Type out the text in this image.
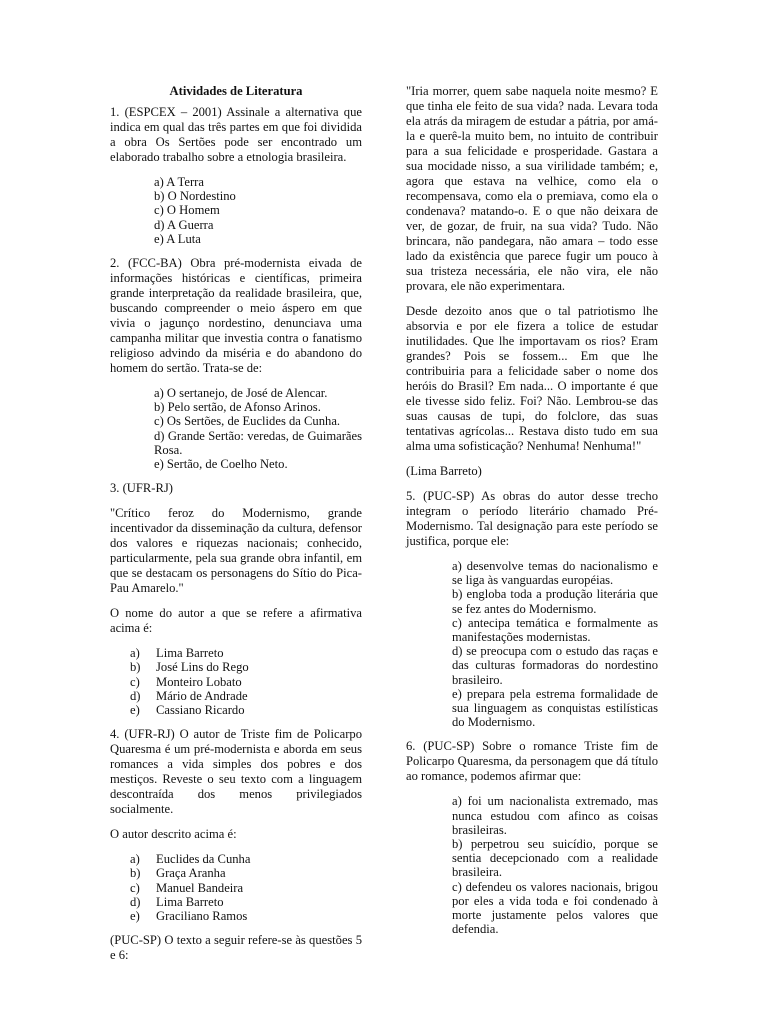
Atividades de Literatura

1. (ESPCEX – 2001) Assinale a alternativa que indica em qual das três partes em que foi dividida a obra Os Sertões pode ser encontrado um elaborado trabalho sobre a etnologia brasileira.

a) A Terra
b) O Nordestino
c) O Homem
d) A Guerra
e) A Luta

2. (FCC-BA) Obra pré-modernista eivada de informações históricas e científicas, primeira grande interpretação da realidade brasileira, que, buscando compreender o meio áspero em que vivia o jagunço nordestino, denunciava uma campanha militar que investia contra o fanatismo religioso advindo da miséria e do abandono do homem do sertão. Trata-se de:

a) O sertanejo, de José de Alencar.
b) Pelo sertão, de Afonso Arinos.
c) Os Sertões, de Euclides da Cunha.
d) Grande Sertão: veredas, de Guimarães Rosa.
e) Sertão, de Coelho Neto.

3. (UFR-RJ)

"Crítico feroz do Modernismo, grande incentivador da disseminação da cultura, defensor dos valores e riquezas nacionais; conhecido, particularmente, pela sua grande obra infantil, em que se destacam os personagens do Sítio do Pica-Pau Amarelo."

O nome do autor a que se refere a afirmativa acima é:

a)	Lima Barreto
b)	José Lins do Rego
c)	Monteiro Lobato
d)	Mário de Andrade
e)	Cassiano Ricardo

4. (UFR-RJ) O autor de Triste fim de Policarpo Quaresma é um pré-modernista e aborda em seus romances a vida simples dos pobres e dos mestiços. Reveste o seu texto com a linguagem descontraída dos menos privilegiados socialmente.

O autor descrito acima é:

a)	Euclides da Cunha
b)	Graça Aranha
c)	Manuel Bandeira
d)	Lima Barreto
e)	Graciliano Ramos

(PUC-SP) O texto a seguir refere-se às questões 5 e 6:

"Iria morrer, quem sabe naquela noite mesmo? E que tinha ele feito de sua vida? nada. Levara toda ela atrás da miragem de estudar a pátria, por amá-la e querê-la muito bem, no intuito de contribuir para a sua felicidade e prosperidade. Gastara a sua mocidade nisso, a sua virilidade também; e, agora que estava na velhice, como ela o recompensava, como ela o premiava, como ela o condenava? matando-o. E o que não deixara de ver, de gozar, de fruir, na sua vida? Tudo. Não brincara, não pandegara, não amara – todo esse lado da existência que parece fugir um pouco à sua tristeza necessária, ele não vira, ele não provara, ele não experimentara.

Desde dezoito anos que o tal patriotismo lhe absorvia e por ele fizera a tolice de estudar inutilidades. Que lhe importavam os rios? Eram grandes? Pois se fossem... Em que lhe contribuiria para a felicidade saber o nome dos heróis do Brasil? Em nada... O importante é que ele tivesse sido feliz. Foi? Não. Lembrou-se das suas causas de tupi, do folclore, das suas tentativas agrícolas... Restava disto tudo em sua alma uma sofisticação? Nenhuma! Nenhuma!"

(Lima Barreto)

5. (PUC-SP) As obras do autor desse trecho integram o período literário chamado Pré-Modernismo. Tal designação para este período se justifica, porque ele:

a) desenvolve temas do nacionalismo e se liga às vanguardas européias.
b) engloba toda a produção literária que se fez antes do Modernismo.
c) antecipa temática e formalmente as manifestações modernistas.
d) se preocupa com o estudo das raças e das culturas formadoras do nordestino brasileiro.
e) prepara pela estrema formalidade de sua linguagem as conquistas estilísticas do Modernismo.

6. (PUC-SP) Sobre o romance Triste fim de Policarpo Quaresma, da personagem que dá título ao romance, podemos afirmar que:

a) foi um nacionalista extremado, mas nunca estudou com afinco as coisas brasileiras.
b) perpetrou seu suicídio, porque se sentia decepcionado com a realidade brasileira.
c) defendeu os valores nacionais, brigou por eles a vida toda e foi condenado à morte justamente pelos valores que defendia.
